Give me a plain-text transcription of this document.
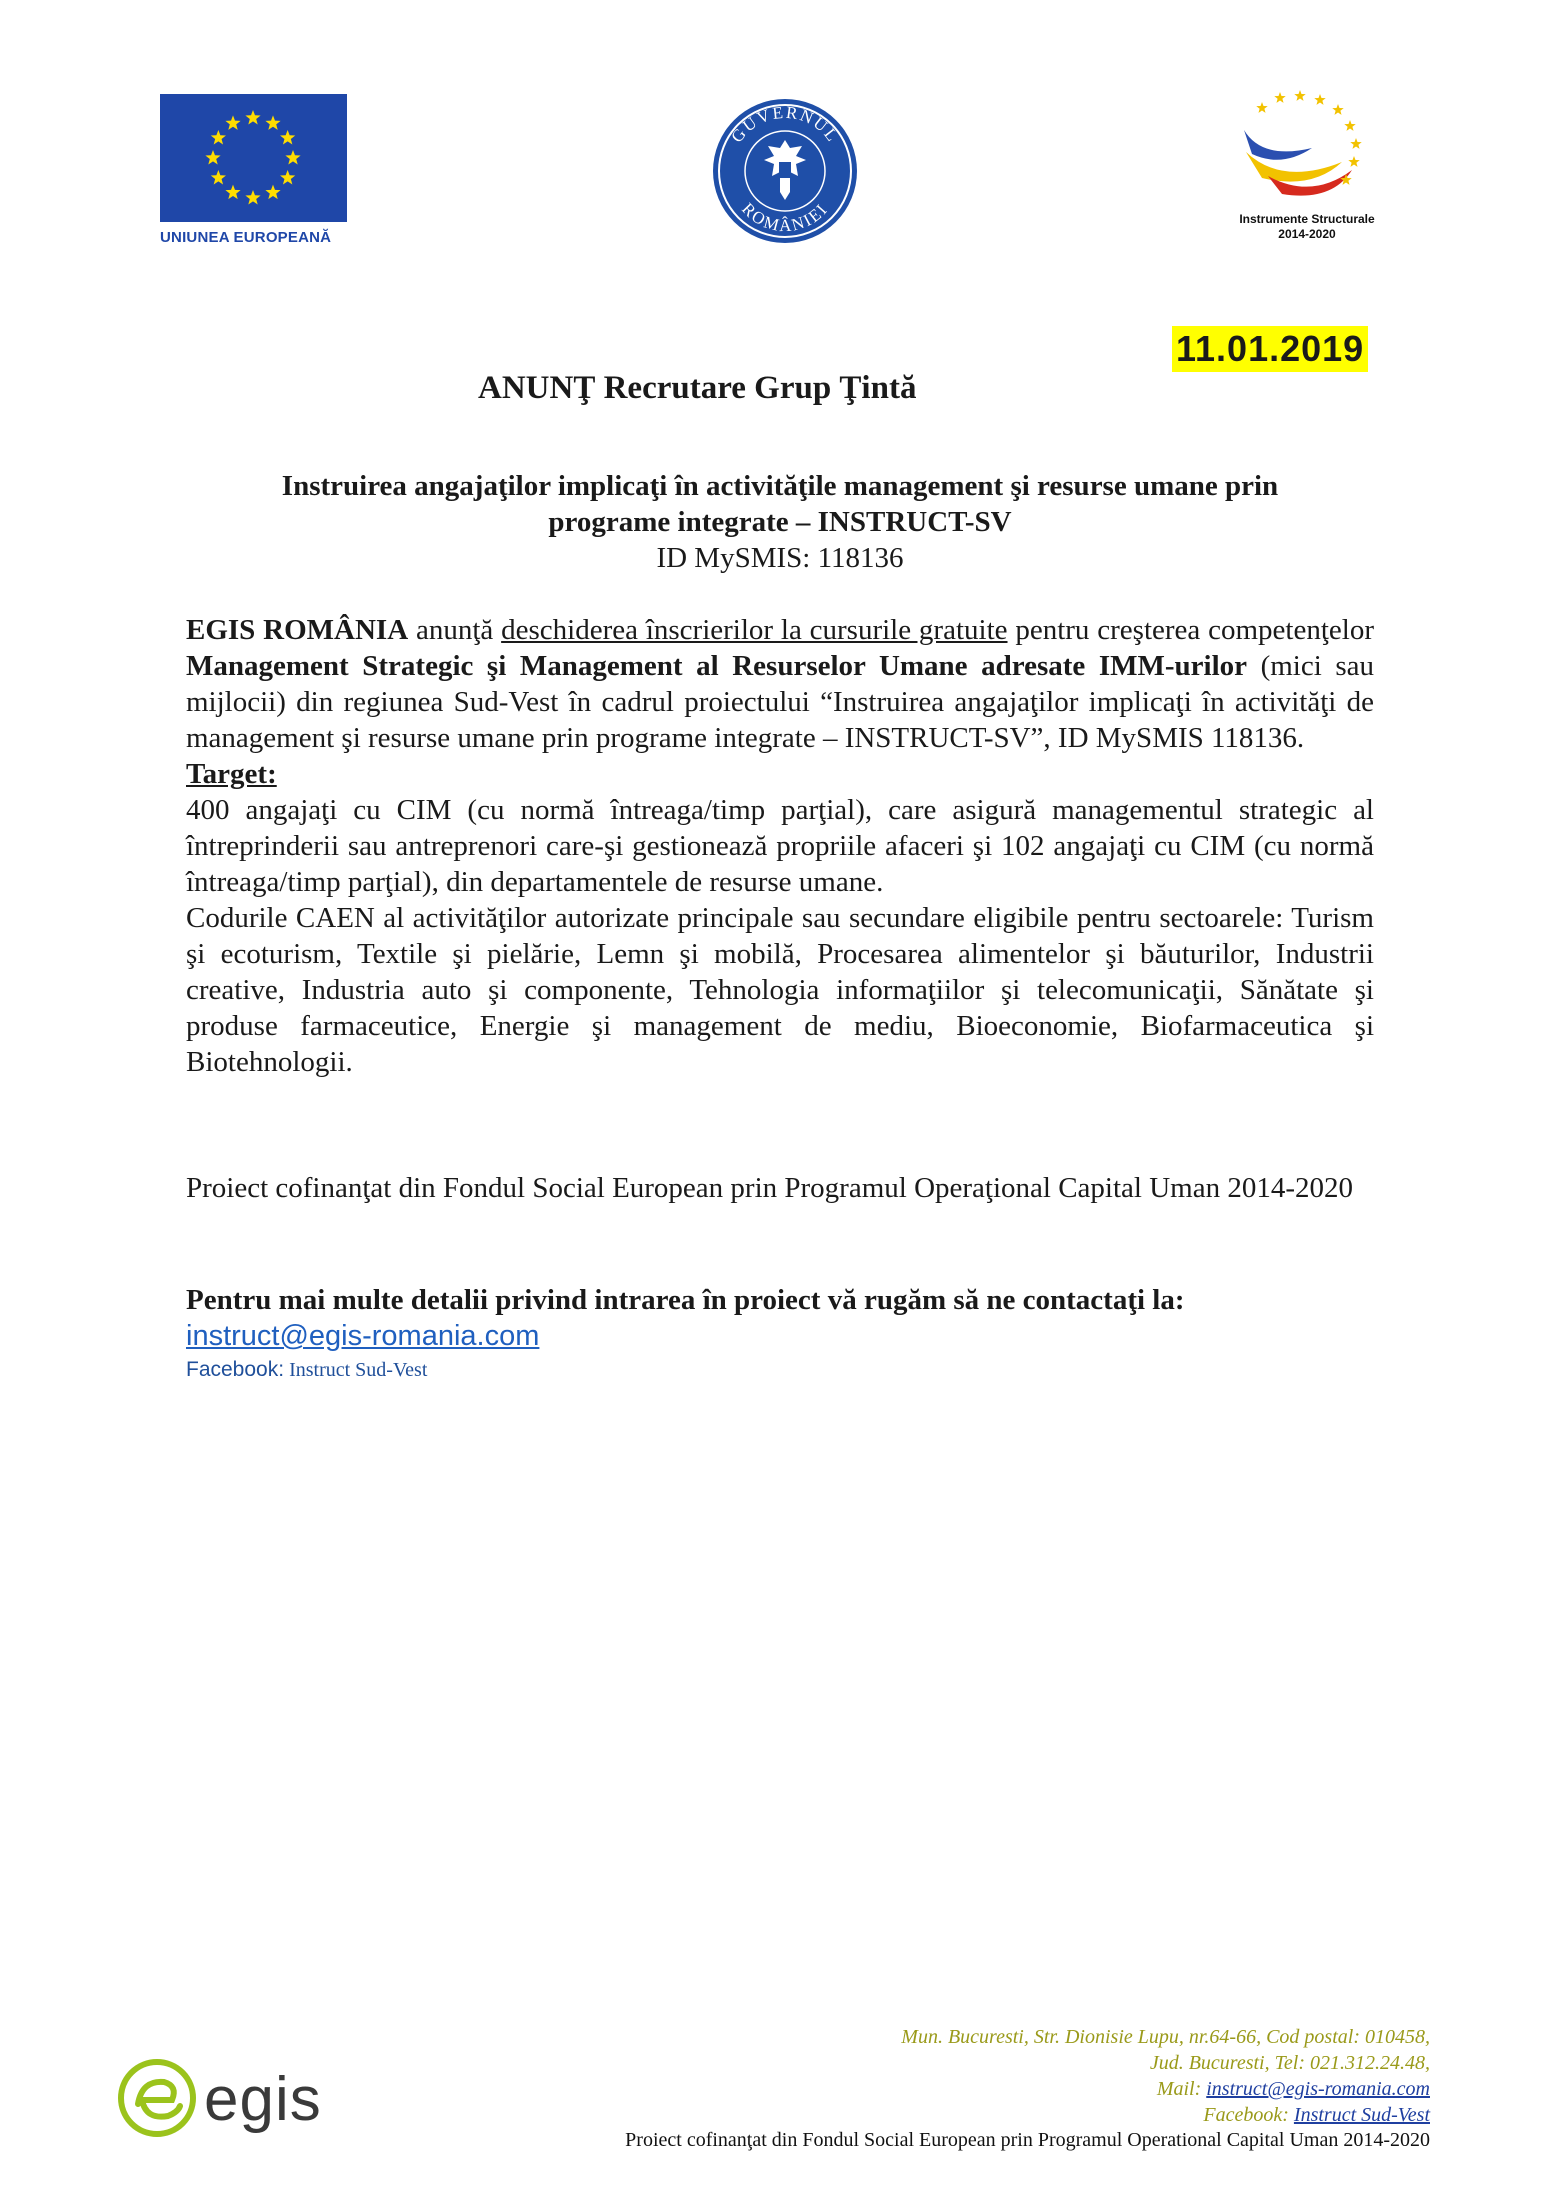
UNIUNEA EUROPEANĂ
GUVERNUL
ROMÂNIEI
Instrumente Structurale
2014-2020
11.01.2019
ANUNŢ Recrutare Grup Ţintă
Instruirea angajaţilor implicaţi în activităţile management şi resurse umane prin
programe integrate – INSTRUCT-SV
ID MySMIS: 118136

EGIS ROMÂNIA anunţă deschiderea înscrierilor la cursurile gratuite pentru creşterea competenţelor Management Strategic şi Management al Resurselor Umane adresate IMM-urilor (mici sau mijlocii) din regiunea Sud-Vest în cadrul proiectului “Instruirea angajaţilor implicaţi în activităţi de management şi resurse umane prin programe integrate – INSTRUCT-SV”, ID MySMIS 118136.

Target:

400 angajaţi cu CIM (cu normă întreaga/timp parţial), care asigură managementul strategic al întreprinderii sau antreprenori care-şi gestionează propriile afaceri şi 102 angajaţi cu CIM (cu normă întreaga/timp parţial), din departamentele de resurse umane.

Codurile CAEN al activităţilor autorizate principale sau secundare eligibile pentru sectoarele: Turism şi ecoturism, Textile şi pielărie, Lemn şi mobilă, Procesarea alimentelor şi băuturilor, Industrii creative, Industria auto şi componente, Tehnologia informaţiilor şi telecomunicaţii, Sănătate şi produse farmaceutice, Energie şi management de mediu, Bioeconomie, Biofarmaceutica şi Biotehnologii.

Proiect cofinanţat din Fondul Social European prin Programul Operaţional Capital Uman 2014-2020
Pentru mai multe detalii privind intrarea în proiect vă rugăm să ne contactaţi la:
instruct@egis-romania.com
Facebook: Instruct Sud-Vest
egis
Mun. Bucuresti, Str. Dionisie Lupu, nr.64-66, Cod postal: 010458,
Jud. Bucuresti, Tel: 021.312.24.48,
Mail: instruct@egis-romania.com
Facebook: Instruct Sud-Vest
Proiect cofinanţat din Fondul Social European prin Programul Operational Capital Uman 2014-2020
